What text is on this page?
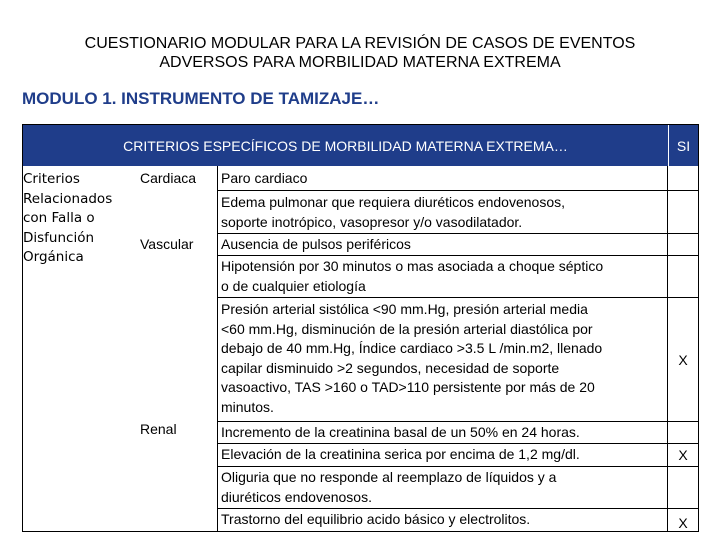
CUESTIONARIO MODULAR PARA LA REVISIÓN DE CASOS DE EVENTOS
ADVERSOS PARA MORBILIDAD MATERNA EXTREMA
MODULO 1. INSTRUMENTO DE TAMIZAJE…
CRITERIOS ESPECÍFICOS DE MORBILIDAD MATERNA EXTREMA…	SI
Criterios
Relacionados
con Falla o
Disfunción
Orgánica
Cardiaca
Vascular
Renal
Paro cardiaco
Edema pulmonar que requiera diuréticos endovenosos,
soporte inotrópico, vasopresor y/o vasodilatador.
Ausencia de pulsos periféricos
Hipotensión por 30 minutos o mas asociada a choque séptico
o de cualquier etiología
Presión arterial sistólica <90 mm.Hg, presión arterial media
<60 mm.Hg, disminución de la presión arterial diastólica por
debajo de 40 mm.Hg, Índice cardiaco >3.5 L /min.m2, llenado
capilar disminuido >2 segundos, necesidad de soporte
vasoactivo, TAS >160 o TAD>110 persistente por más de 20
minutos.
Incremento de la creatinina basal de un 50% en 24 horas.
Elevación de la creatinina serica por encima de 1,2 mg/dl.
Oliguria que no responde al reemplazo de líquidos y a
diuréticos endovenosos.
Trastorno del equilibrio acido básico y electrolitos.
X
X
X
